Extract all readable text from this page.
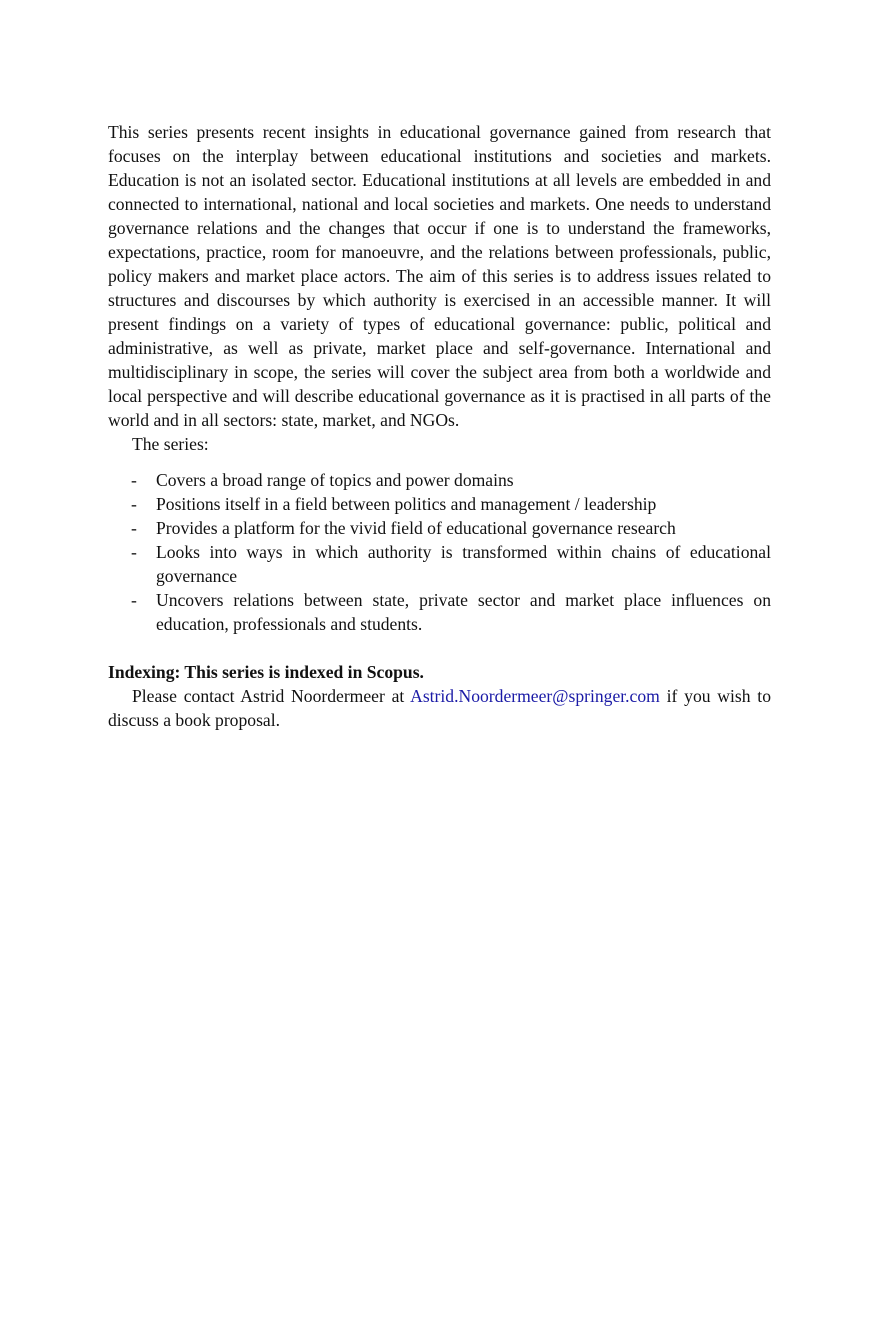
This series presents recent insights in educational governance gained from research that focuses on the interplay between educational institutions and societies and markets. Education is not an isolated sector. Educational institutions at all levels are embedded in and connected to international, national and local societies and markets. One needs to understand governance relations and the changes that occur if one is to understand the frameworks, expectations, practice, room for manoeuvre, and the relations between professionals, public, policy makers and market place actors. The aim of this series is to address issues related to structures and discourses by which authority is exercised in an accessible manner. It will present findings on a variety of types of educational governance: public, political and administrative, as well as private, market place and self-governance. International and multidisciplinary in scope, the series will cover the subject area from both a worldwide and local perspective and will describe educational governance as it is practised in all parts of the world and in all sectors: state, market, and NGOs.

The series:

- Covers a broad range of topics and power domains
- Positions itself in a field between politics and management / leadership
- Provides a platform for the vivid field of educational governance research
- Looks into ways in which authority is transformed within chains of educational governance
- Uncovers relations between state, private sector and market place influences on education, professionals and students.

Indexing: This series is indexed in Scopus.

Please contact Astrid Noordermeer at Astrid.Noordermeer@springer.com if you wish to discuss a book proposal.
